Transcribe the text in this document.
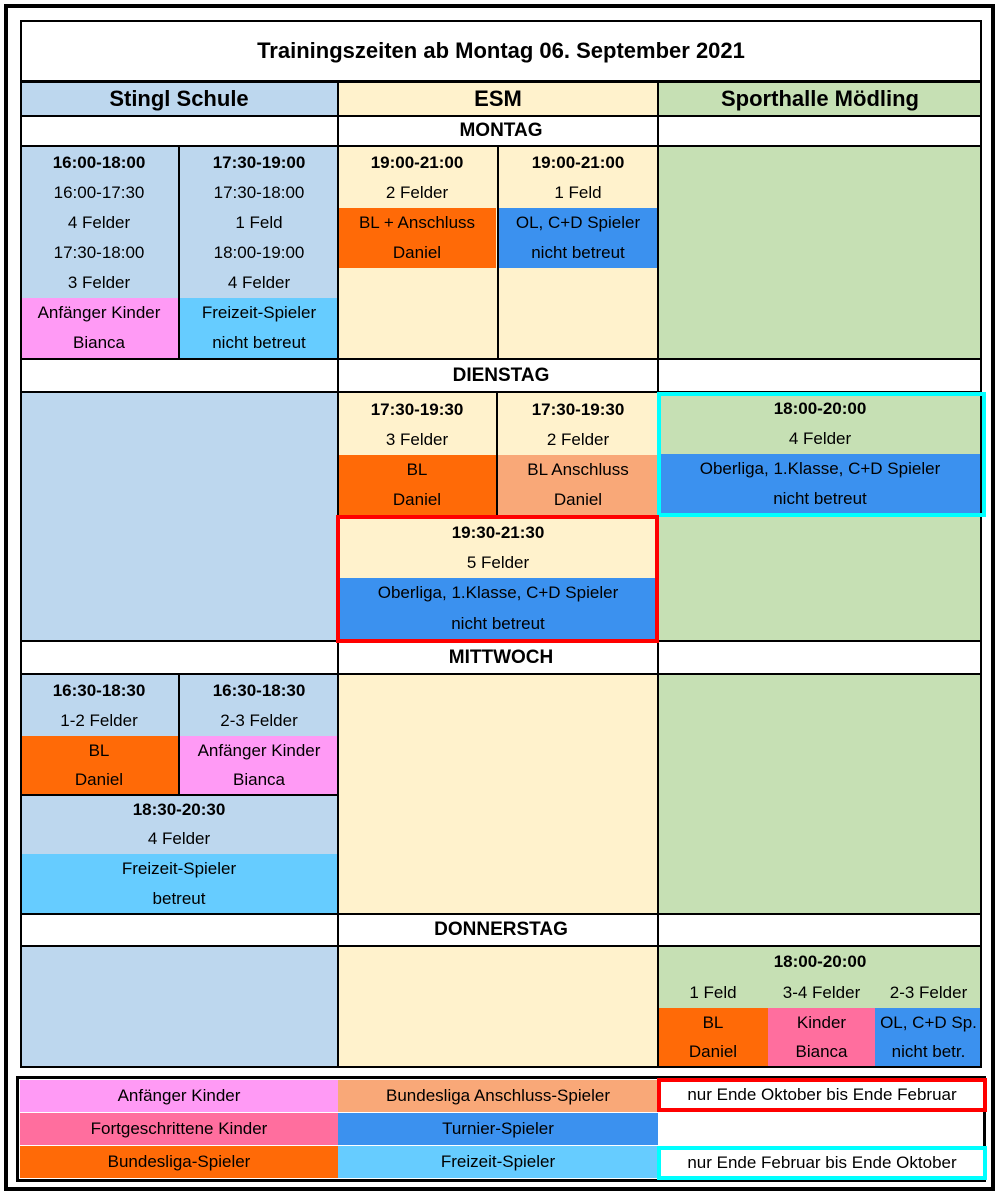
Trainingszeiten ab Montag 06. September 2021
Stingl Schule	ESM	Sporthalle Mödling
MONTAG
16:00-18:00
16:00-17:30
4 Felder
17:30-18:00
3 Felder
Anfänger Kinder
Bianca
17:30-19:00
17:30-18:00
1 Feld
18:00-19:00
4 Felder
Freizeit-Spieler
nicht betreut
19:00-21:00
2 Felder
BL + Anschluss
Daniel
19:00-21:00
1 Feld
OL, C+D Spieler
nicht betreut
DIENSTAG
17:30-19:30
3 Felder
BL
Daniel
17:30-19:30
2 Felder
BL Anschluss
Daniel
19:30-21:30
5 Felder
Oberliga, 1.Klasse, C+D Spieler
nicht betreut
18:00-20:00
4 Felder
Oberliga, 1.Klasse, C+D Spieler
nicht betreut
MITTWOCH
16:30-18:30
1-2 Felder
BL
Daniel
16:30-18:30
2-3 Felder
Anfänger Kinder
Bianca
18:30-20:30
4 Felder
Freizeit-Spieler
betreut
DONNERSTAG
18:00-20:00
1 Feld
BL
Daniel
3-4 Felder
Kinder
Bianca
2-3 Felder
OL, C+D Sp.
nicht betr.
Anfänger Kinder
Fortgeschrittene Kinder
Bundesliga-Spieler
Bundesliga Anschluss-Spieler
Turnier-Spieler
Freizeit-Spieler
nur Ende Oktober bis Ende Februar
nur Ende Februar bis Ende Oktober
